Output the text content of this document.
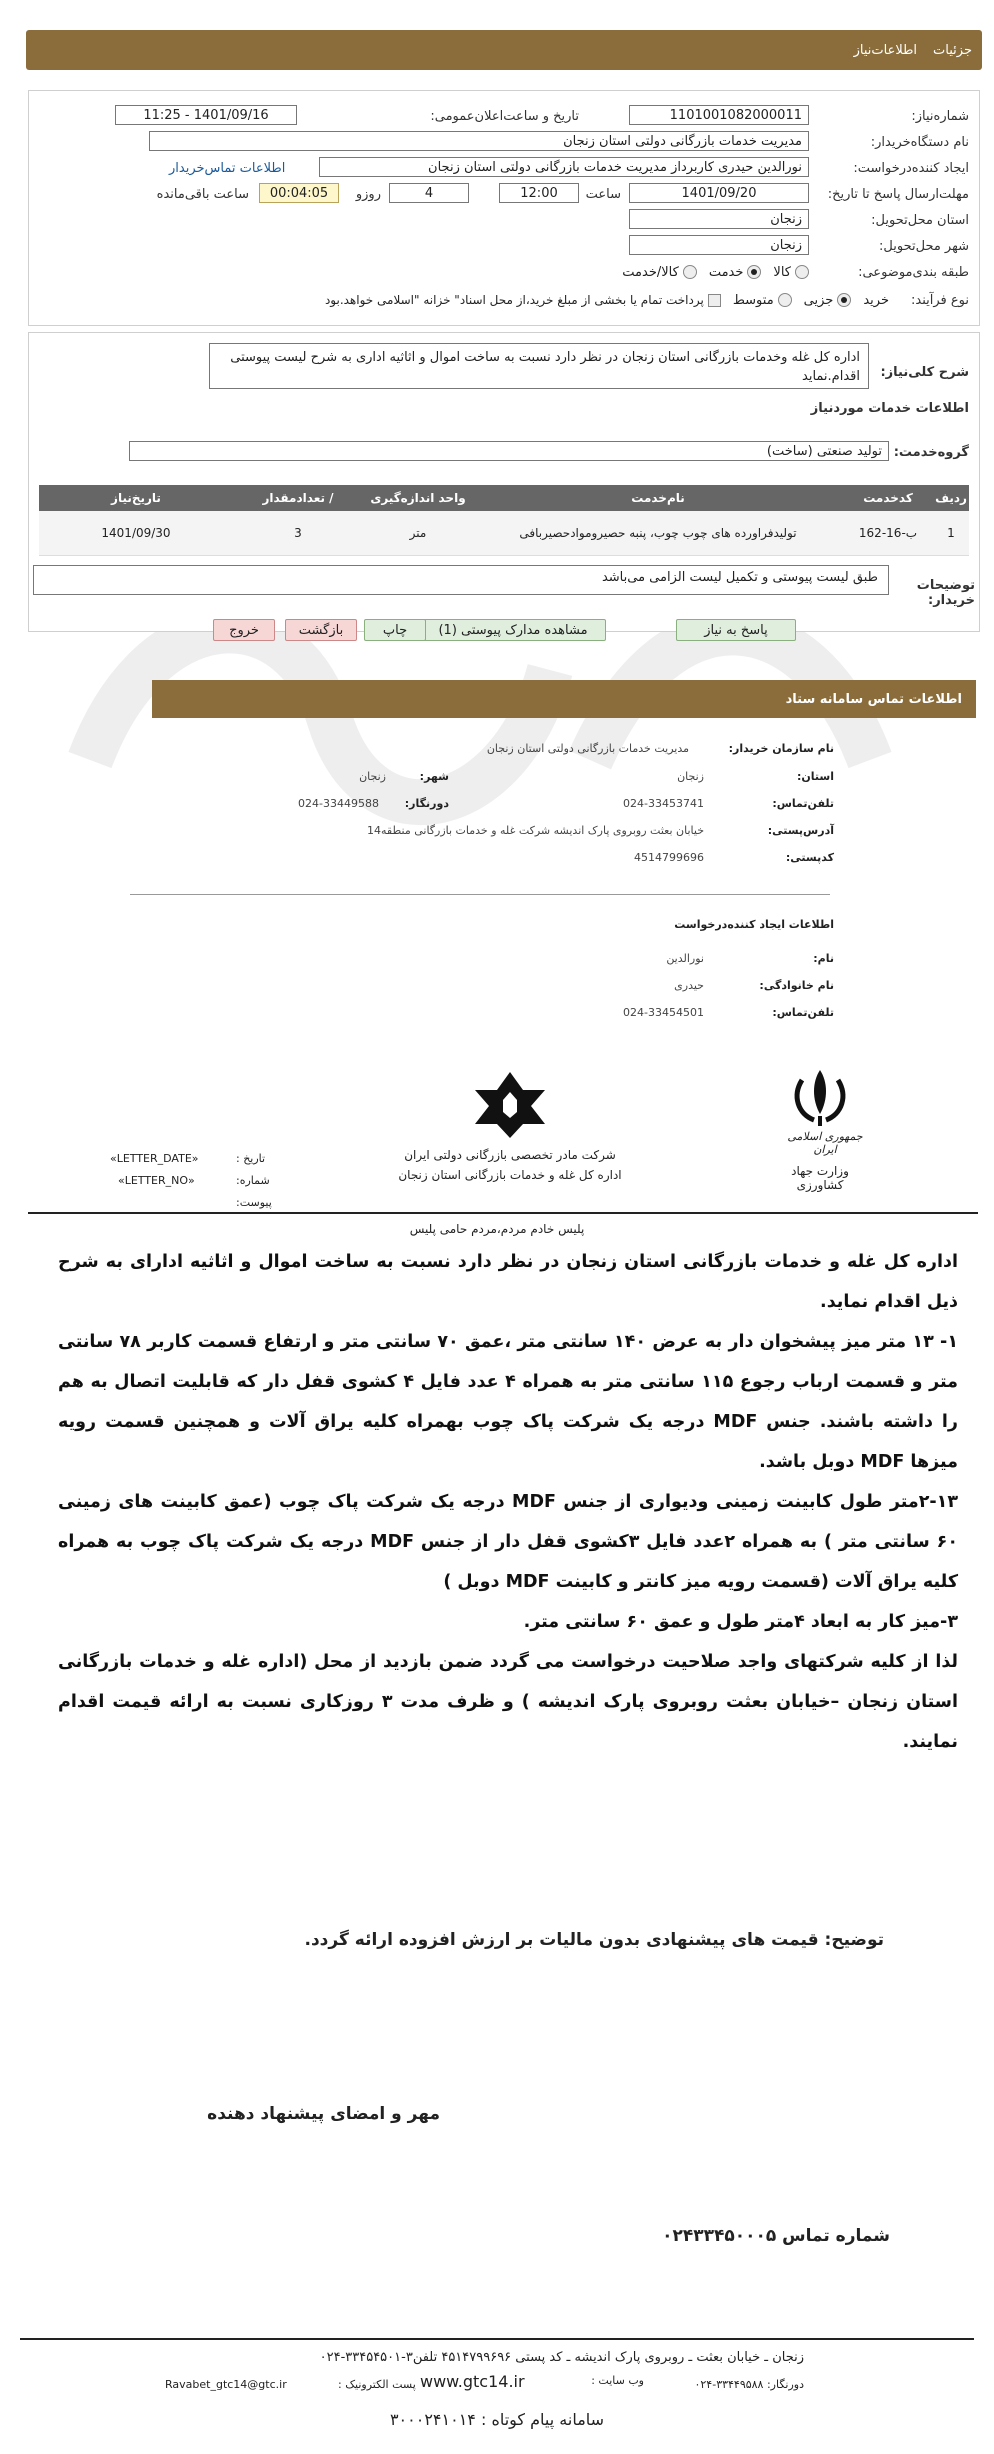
جزئیات
اطلاعات‌نیاز
شماره‌نیاز:
1101001082000011
تاریخ و ساعت‌اعلان‌عمومی:
1401/09/16 - 11:25
نام دستگاه‌خریدار:
مدیریت خدمات بازرگانی دولتی استان زنجان
ایجاد کننده‌درخواست:
نورالدین حیدری کاربرداز مدیریت خدمات بازرگانی دولتی استان زنجان
اطلاعات تماس‌خریدار
مهلت‌ارسال پاسخ تا تاریخ:
1401/09/20
ساعت
12:00
4
روزو
00:04:05
ساعت باقی‌مانده
استان محل‌تحویل:
زنجان
شهر محل‌تحویل:
زنجان
طبقه بندی‌موضوعی:
کالا
خدمت
کالا/خدمت
نوع فرآیند:
خرید
جزیی
متوسط
پرداخت تمام یا بخشی از مبلغ خرید،از محل اسناد" خزانه "اسلامی خواهد.بود
شرح کلی‌نیاز:
اداره کل غله وخدمات بازرگانی استان زنجان در نظر دارد نسبت به ساخت اموال و اثاثیه اداری به شرح لیست پیوستی اقدام.نماید
اطلاعات خدمات موردنیاز
گروه‌خدمت:
تولید صنعتی (ساخت)
ردیف	کدخدمت	نام‌خدمت	واحد اندازه‌گیری	/ تعدادمقدار	تاریخ‌نیاز
1	ب-16-162	تولیدفراورده های چوب چوب، پنبه حصیرومواد‌حصیربافی	متر	3	1401/09/30
توضیحات خریدار:
طبق لیست پیوستی و تکمیل لیست الزامی می‌باشد
پاسخ به نیاز
مشاهده مدارک پیوستی (1)
چاپ
بازگشت
خروج
اطلاعات تماس سامانه ستاد
نام سازمان خریدار:
مدیریت خدمات بازرگانی دولتی استان زنجان
استان:
زنجان
شهر:
زنجان
تلفن‌تماس:
024-33453741
دورنگار:
024-33449588
آدرس‌پستی:
خیابان بعثت روبروی پارک اندیشه شرکت غله و خدمات بازرگانی منطقه14
کد‌پستی:
4514799696
اطلاعات ایجاد کننده‌درخواست
نام:
نورالدین
نام خانوادگی:
حیدری
تلفن‌تماس:
024-33454501
جمهوری اسلامی ایران
وزارت جهاد کشاورزی
شرکت مادر تخصصی بازرگانی دولتی ایران
اداره کل غله و خدمات بازرگانی استان زنجان
تاریخ :
شماره:
پیوست:
«LETTER_DATE»
«LETTER_NO»
پلیس خادم مردم،مردم حامی پلیس

اداره کل غله و خدمات بازرگانی استان زنجان در نظر دارد نسبت به ساخت اموال و اثاثیه ادارای به شرح ذیل اقدام نماید.

۱- ۱۳ متر میز پیشخوان دار به عرض ۱۴۰ سانتی متر ،عمق ۷۰ سانتی متر و ارتفاع قسمت کاربر ۷۸ سانتی متر و قسمت ارباب رجوع ۱۱۵ سانتی متر به همراه ۴ عدد فایل ۴ کشوی قفل دار که قابلیت اتصال به هم را داشته باشند. جنس MDF درجه یک شرکت پاک چوب بهمراه کلیه یراق آلات و همچنین قسمت رویه میزها MDF دوبل باشد.

۲-۱۳متر طول کابینت زمینی ودیواری از جنس MDF درجه یک شرکت پاک چوب (عمق کابینت های زمینی ۶۰ سانتی متر ) به همراه ۲عدد فایل ۳کشوی قفل دار از جنس MDF درجه یک شرکت پاک چوب به همراه کلیه یراق آلات (قسمت رویه میز کانتر و کابینت MDF دوبل )

۳-میز کار به ابعاد ۴متر طول و عمق ۶۰ سانتی متر.

لذا از کلیه شرکتهای واجد صلاحیت درخواست می گردد ضمن بازدید از محل (اداره غله و خدمات بازرگانی استان زنجان –خیابان بعثت روبروی پارک اندیشه ) و ظرف مدت ۳ روزکاری نسبت به ارائه قیمت اقدام نمایند.

توضیح: قیمت های پیشنهادی بدون مالیات بر ارزش افزوده ارائه گردد.
مهر و امضای پیشنهاد دهنده
شماره تماس ۰۲۴۳۳۴۵۰۰۰۵
زنجان ـ خیابان بعثت ـ روبروی پارک اندیشه ـ کد پستی ۴۵۱۴۷۹۹۶۹۶ تلفن۳-۳۳۴۵۴۵۰۱-۰۲۴
دورنگار: ۳۳۴۴۹۵۸۸-۰۲۴
وب سایت :
www.gtc14.ir
پست الکترونیک :
Ravabet_gtc14@gtc.ir
سامانه پیام کوتاه : ۳۰۰۰۲۴۱۰۱۴
